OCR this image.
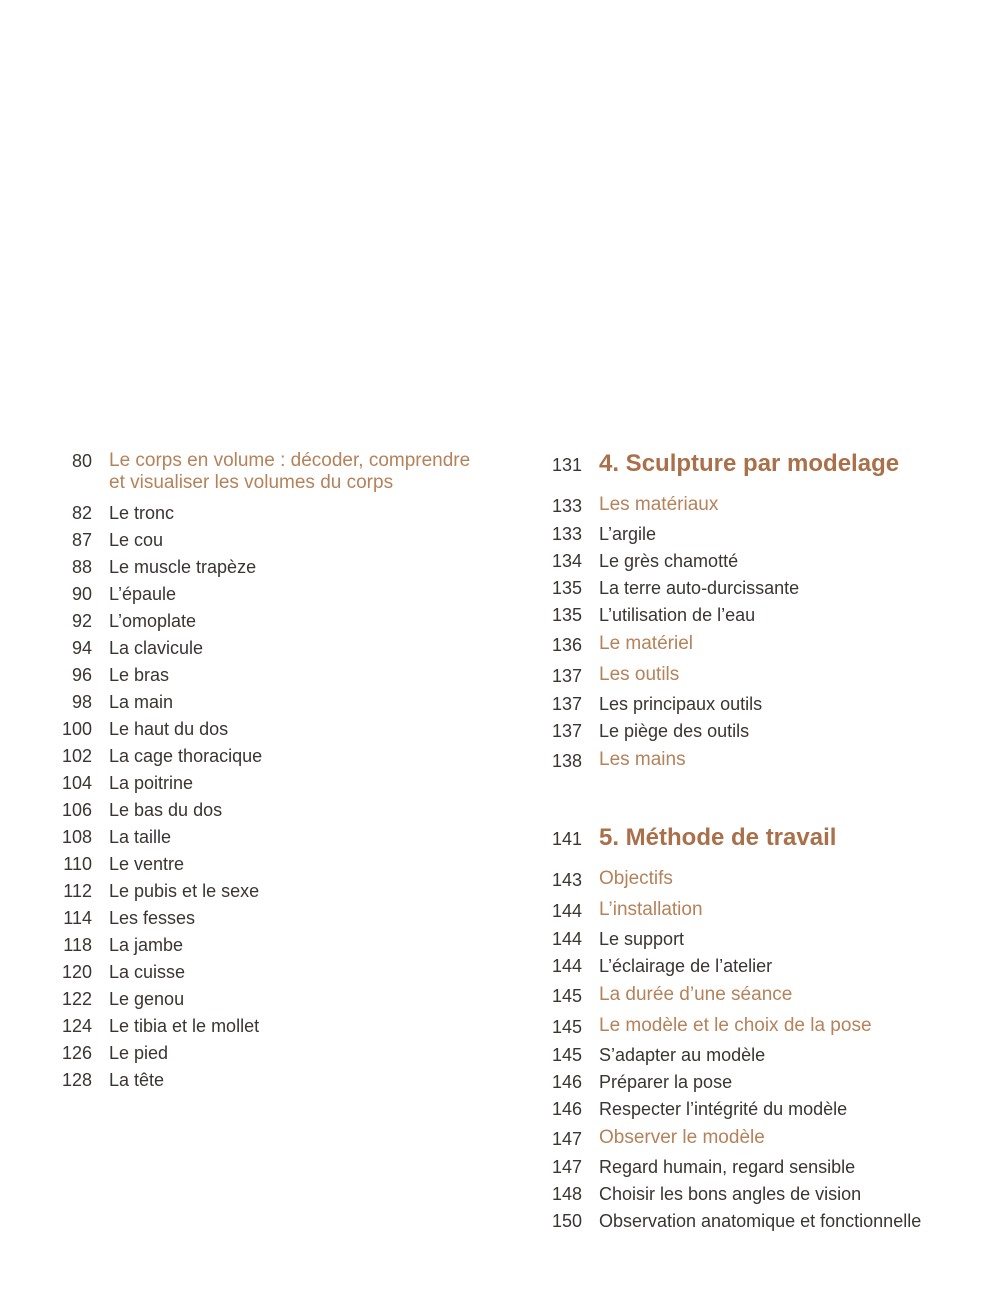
80 Le corps en volume : décoder, comprendre et visualiser les volumes du corps
82 Le tronc
87 Le cou
88 Le muscle trapèze
90 L’épaule
92 L’omoplate
94 La clavicule
96 Le bras
98 La main
100 Le haut du dos
102 La cage thoracique
104 La poitrine
106 Le bas du dos
108 La taille
110 Le ventre
112 Le pubis et le sexe
114 Les fesses
118 La jambe
120 La cuisse
122 Le genou
124 Le tibia et le mollet
126 Le pied
128 La tête
131 4. Sculpture par modelage
133 Les matériaux
133 L’argile
134 Le grès chamotté
135 La terre auto-durcissante
135 L’utilisation de l’eau
136 Le matériel
137 Les outils
137 Les principaux outils
137 Le piège des outils
138 Les mains
141 5. Méthode de travail
143 Objectifs
144 L’installation
144 Le support
144 L’éclairage de l’atelier
145 La durée d’une séance
145 Le modèle et le choix de la pose
145 S’adapter au modèle
146 Préparer la pose
146 Respecter l’intégrité du modèle
147 Observer le modèle
147 Regard humain, regard sensible
148 Choisir les bons angles de vision
150 Observation anatomique et fonctionnelle
